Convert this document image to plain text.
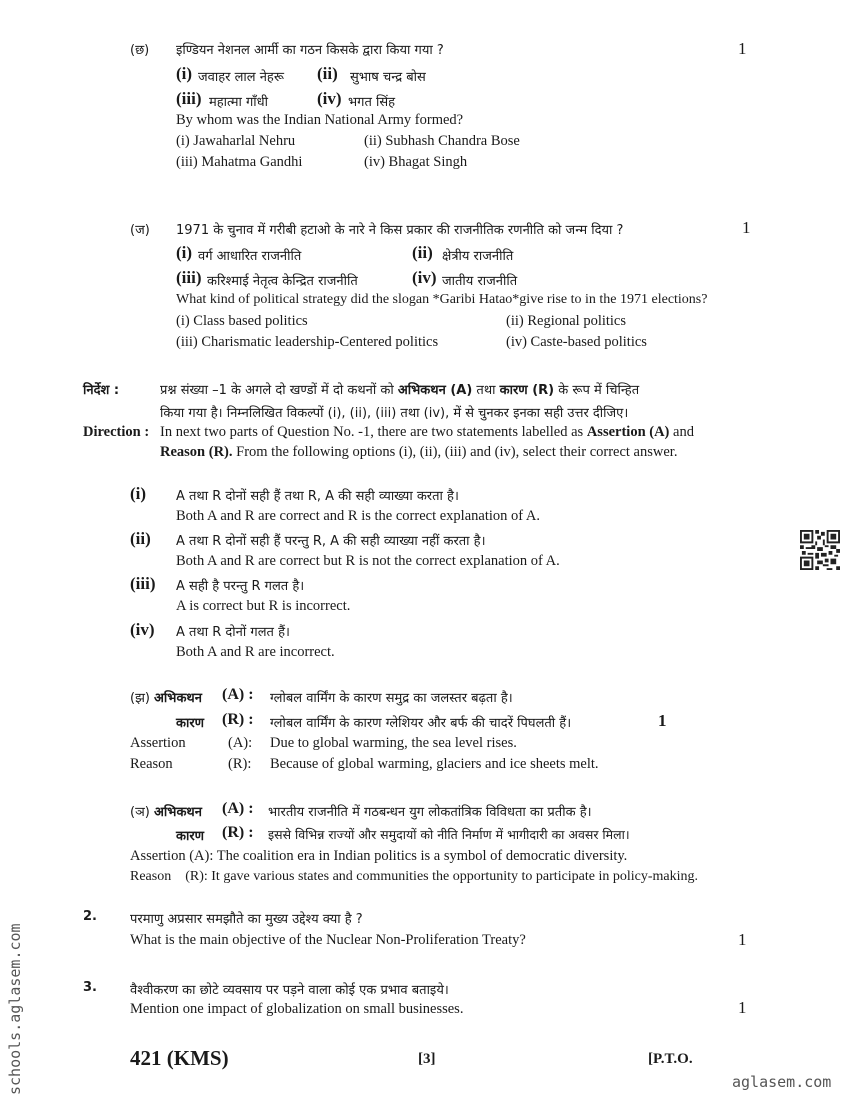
(छ) इण्डियन नेशनल आर्मी का गठन किसके द्वारा किया गया ?	1
(i) जवाहर लाल नेहरू (ii) सुभाष चन्द्र बोस
(iii) महात्मा गाँधी	(iv) भगत सिंह
By whom was the Indian National Army formed?
(i) Jawaharlal Nehru	(ii) Subhash Chandra Bose
(iii) Mahatma Gandhi	(iv) Bhagat Singh
(ज) 1971 के चुनाव में गरीबी हटाओ के नारे ने किस प्रकार की राजनीतिक रणनीति को जन्म दिया ?	1
(i) वर्ग आधारित राजनीति	(ii) क्षेत्रीय राजनीति
(iii) करिश्माई नेतृत्व केन्द्रित राजनीति	(iv) जातीय राजनीति
What kind of political strategy did the slogan *Garibi Hatao*give rise to in the 1971 elections?
(i) Class based politics	(ii) Regional politics
(iii) Charismatic leadership-Centered politics	(iv) Caste-based politics
निर्देश :	प्रश्न संख्या –1 के अगले दो खण्डों में दो कथनों को अभिकथन (A) तथा कारण (R) के रूप में चिन्हित
किया गया है। निम्नलिखित विकल्पों (i), (ii), (iii) तथा (iv), में से चुनकर इनका सही उत्तर दीजिए।
Direction : In next two parts of Question No. -1, there are two statements labelled as Assertion (A) and
Reason (R). From the following options (i), (ii), (iii) and (iv), select their correct answer.
(i) A तथा R दोनों सही हैं तथा R, A की सही व्याख्या करता है।
Both A and R are correct and R is the correct explanation of A.
(ii) A तथा R दोनों सही हैं परन्तु R, A की सही व्याख्या नहीं करता है।
Both A and R are correct but R is not the correct explanation of A.
(iii) A सही है परन्तु R गलत है।
A is correct but R is incorrect.
(iv) A तथा R दोनों गलत हैं।
Both A and R are incorrect.
(झ) अभिकथन (A) : ग्लोबल वार्मिंग के कारण समुद्र का जलस्तर बढ़ता है।
कारण (R) : ग्लोबल वार्मिंग के कारण ग्लेशियर और बर्फ की चादरें पिघलती हैं।	1
Assertion	(A): Due to global warming, the sea level rises.
Reason	(R): Because of global warming, glaciers and ice sheets melt.
(ञ) अभिकथन (A) : भारतीय राजनीति में गठबन्धन युग लोकतांत्रिक विविधता का प्रतीक है।
कारण (R) : इससे विभिन्न राज्यों और समुदायों को नीति निर्माण में भागीदारी का अवसर मिला।
Assertion (A): The coalition era in Indian politics is a symbol of democratic diversity.
Reason    (R): It gave various states and communities the opportunity to participate in policy-making.
2.	परमाणु अप्रसार समझौते का मुख्य उद्देश्य क्या है ?
What is the main objective of the Nuclear Non-Proliferation Treaty?	1
3.	वैश्वीकरण का छोटे व्यवसाय पर पड़ने वाला कोई एक प्रभाव बताइये।
Mention one impact of globalization on small businesses.	1
421 (KMS)	[3]	[P.T.O.
schools.aglasem.com	aglasem.com
